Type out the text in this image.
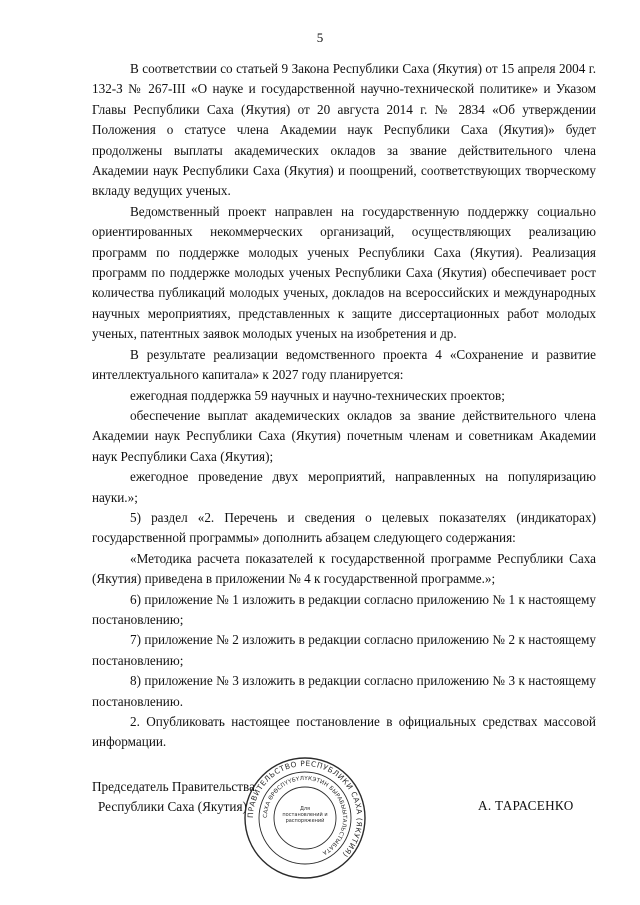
5

В соответствии со статьей 9 Закона Республики Саха (Якутия) от 15 апреля 2004 г. 132-З № 267-III «О науке и государственной научно-технической политике» и Указом Главы Республики Саха (Якутия) от 20 августа 2014 г. № 2834 «Об утверждении Положения о статусе члена Академии наук Республики Саха (Якутия)» будет продолжены выплаты академических окладов за звание действительного члена Академии наук Республики Саха (Якутия) и поощрений, соответствующих творческому вкладу ведущих ученых.

Ведомственный проект направлен на государственную поддержку социально ориентированных некоммерческих организаций, осуществляющих реализацию программ по поддержке молодых ученых Республики Саха (Якутия). Реализация программ по поддержке молодых ученых Республики Саха (Якутия) обеспечивает рост количества публикаций молодых ученых, докладов на всероссийских и международных научных мероприятиях, представленных к защите диссертационных работ молодых ученых, патентных заявок молодых ученых на изобретения и др.

В результате реализации ведомственного проекта 4 «Сохранение и развитие интеллектуального капитала» к 2027 году планируется:

ежегодная поддержка 59 научных и научно-технических проектов;

обеспечение выплат академических окладов за звание действительного члена Академии наук Республики Саха (Якутия) почетным членам и советникам Академии наук Республики Саха (Якутия);

ежегодное проведение двух мероприятий, направленных на популяризацию науки.»;

5) раздел «2. Перечень и сведения о целевых показателях (индикаторах) государственной программы» дополнить абзацем следующего содержания:

«Методика расчета показателей к государственной программе Республики Саха (Якутия) приведена в приложении № 4 к государственной программе.»;

6) приложение № 1 изложить в редакции согласно приложению № 1 к настоящему постановлению;

7) приложение № 2 изложить в редакции согласно приложению № 2 к настоящему постановлению;

8) приложение № 3 изложить в редакции согласно приложению № 3 к настоящему постановлению.

2. Опубликовать настоящее постановление в официальных средствах массовой информации.

Председатель Правительства
Республики Саха (Якутия)	А. ТАРАСЕНКО
ПРАВИТЕЛЬСТВО РЕСПУБЛИКИ САХА (ЯКУТИЯ)
САХА ӨРӨСПҮҮБҮЛҮКЭТИН БЫРАБЫЫТАЛЬСТЫБАТА
Для постановлений и распоряжений
